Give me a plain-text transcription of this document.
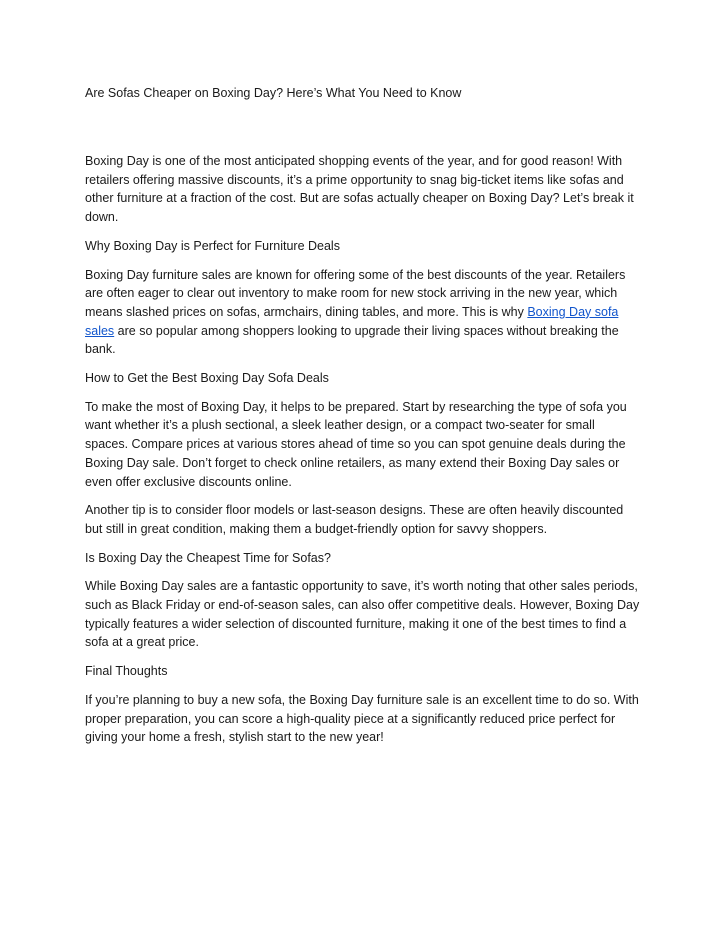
Are Sofas Cheaper on Boxing Day? Here’s What You Need to Know

Boxing Day is one of the most anticipated shopping events of the year, and for good reason! With retailers offering massive discounts, it’s a prime opportunity to snag big-ticket items like sofas and other furniture at a fraction of the cost. But are sofas actually cheaper on Boxing Day? Let’s break it down.

Why Boxing Day is Perfect for Furniture Deals

Boxing Day furniture sales are known for offering some of the best discounts of the year. Retailers are often eager to clear out inventory to make room for new stock arriving in the new year, which means slashed prices on sofas, armchairs, dining tables, and more. This is why Boxing Day sofa sales are so popular among shoppers looking to upgrade their living spaces without breaking the bank.

How to Get the Best Boxing Day Sofa Deals

To make the most of Boxing Day, it helps to be prepared. Start by researching the type of sofa you want whether it’s a plush sectional, a sleek leather design, or a compact two-seater for small spaces. Compare prices at various stores ahead of time so you can spot genuine deals during the Boxing Day sale. Don’t forget to check online retailers, as many extend their Boxing Day sales or even offer exclusive discounts online.

Another tip is to consider floor models or last-season designs. These are often heavily discounted but still in great condition, making them a budget-friendly option for savvy shoppers.

Is Boxing Day the Cheapest Time for Sofas?

While Boxing Day sales are a fantastic opportunity to save, it’s worth noting that other sales periods, such as Black Friday or end-of-season sales, can also offer competitive deals. However, Boxing Day typically features a wider selection of discounted furniture, making it one of the best times to find a sofa at a great price.

Final Thoughts

If you’re planning to buy a new sofa, the Boxing Day furniture sale is an excellent time to do so. With proper preparation, you can score a high-quality piece at a significantly reduced price perfect for giving your home a fresh, stylish start to the new year!
